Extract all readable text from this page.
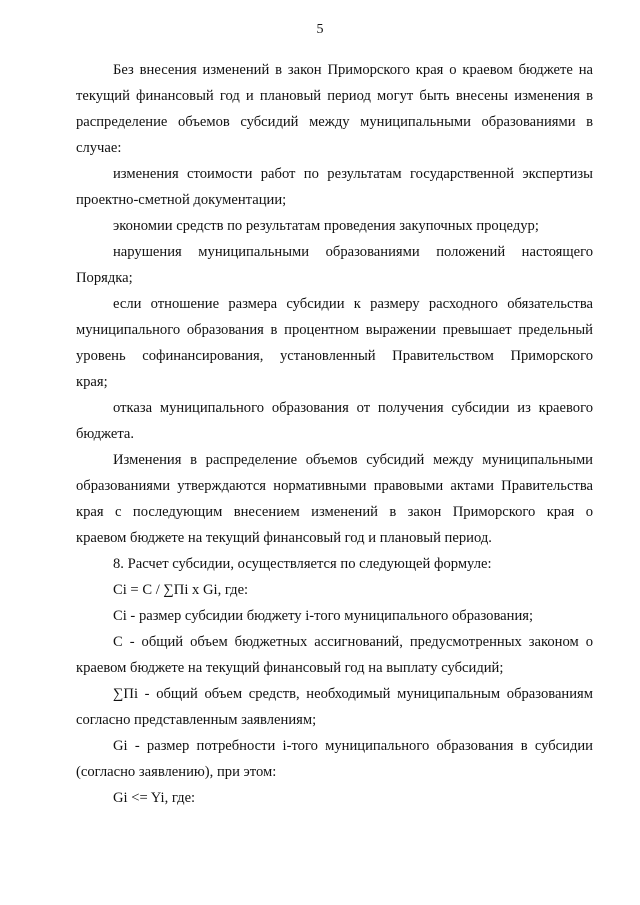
5
Без внесения изменений в закон Приморского края о краевом бюджете на
текущий финансовый год и плановый период могут быть внесены изменения в
распределение объемов субсидий между муниципальными образованиями в
случае:
изменения стоимости работ по результатам государственной экспертизы
проектно-сметной документации;
экономии средств по результатам проведения закупочных процедур;
нарушения муниципальными образованиями положений настоящего
Порядка;
если отношение размера субсидии к размеру расходного обязательства
муниципального образования в процентном выражении превышает предельный
уровень софинансирования, установленный Правительством Приморского
края;
отказа муниципального образования от получения субсидии из краевого
бюджета.
Изменения в распределение объемов субсидий между муниципальными
образованиями утверждаются нормативными правовыми актами Правительства
края с последующим внесением изменений в закон Приморского края о
краевом бюджете на текущий финансовый год и плановый период.
8. Расчет субсидии, осуществляется по следующей формуле:
Ci = C / ∑Пi x Gi, где:
Ci - размер субсидии бюджету i-того муниципального образования;
С - общий объем бюджетных ассигнований, предусмотренных законом о
краевом бюджете на текущий финансовый год на выплату субсидий;
∑Пi - общий объем средств, необходимый муниципальным образованиям
согласно представленным заявлениям;
Gi - размер потребности i-того муниципального образования в субсидии
(согласно заявлению), при этом:
Gi <= Yi, где:
